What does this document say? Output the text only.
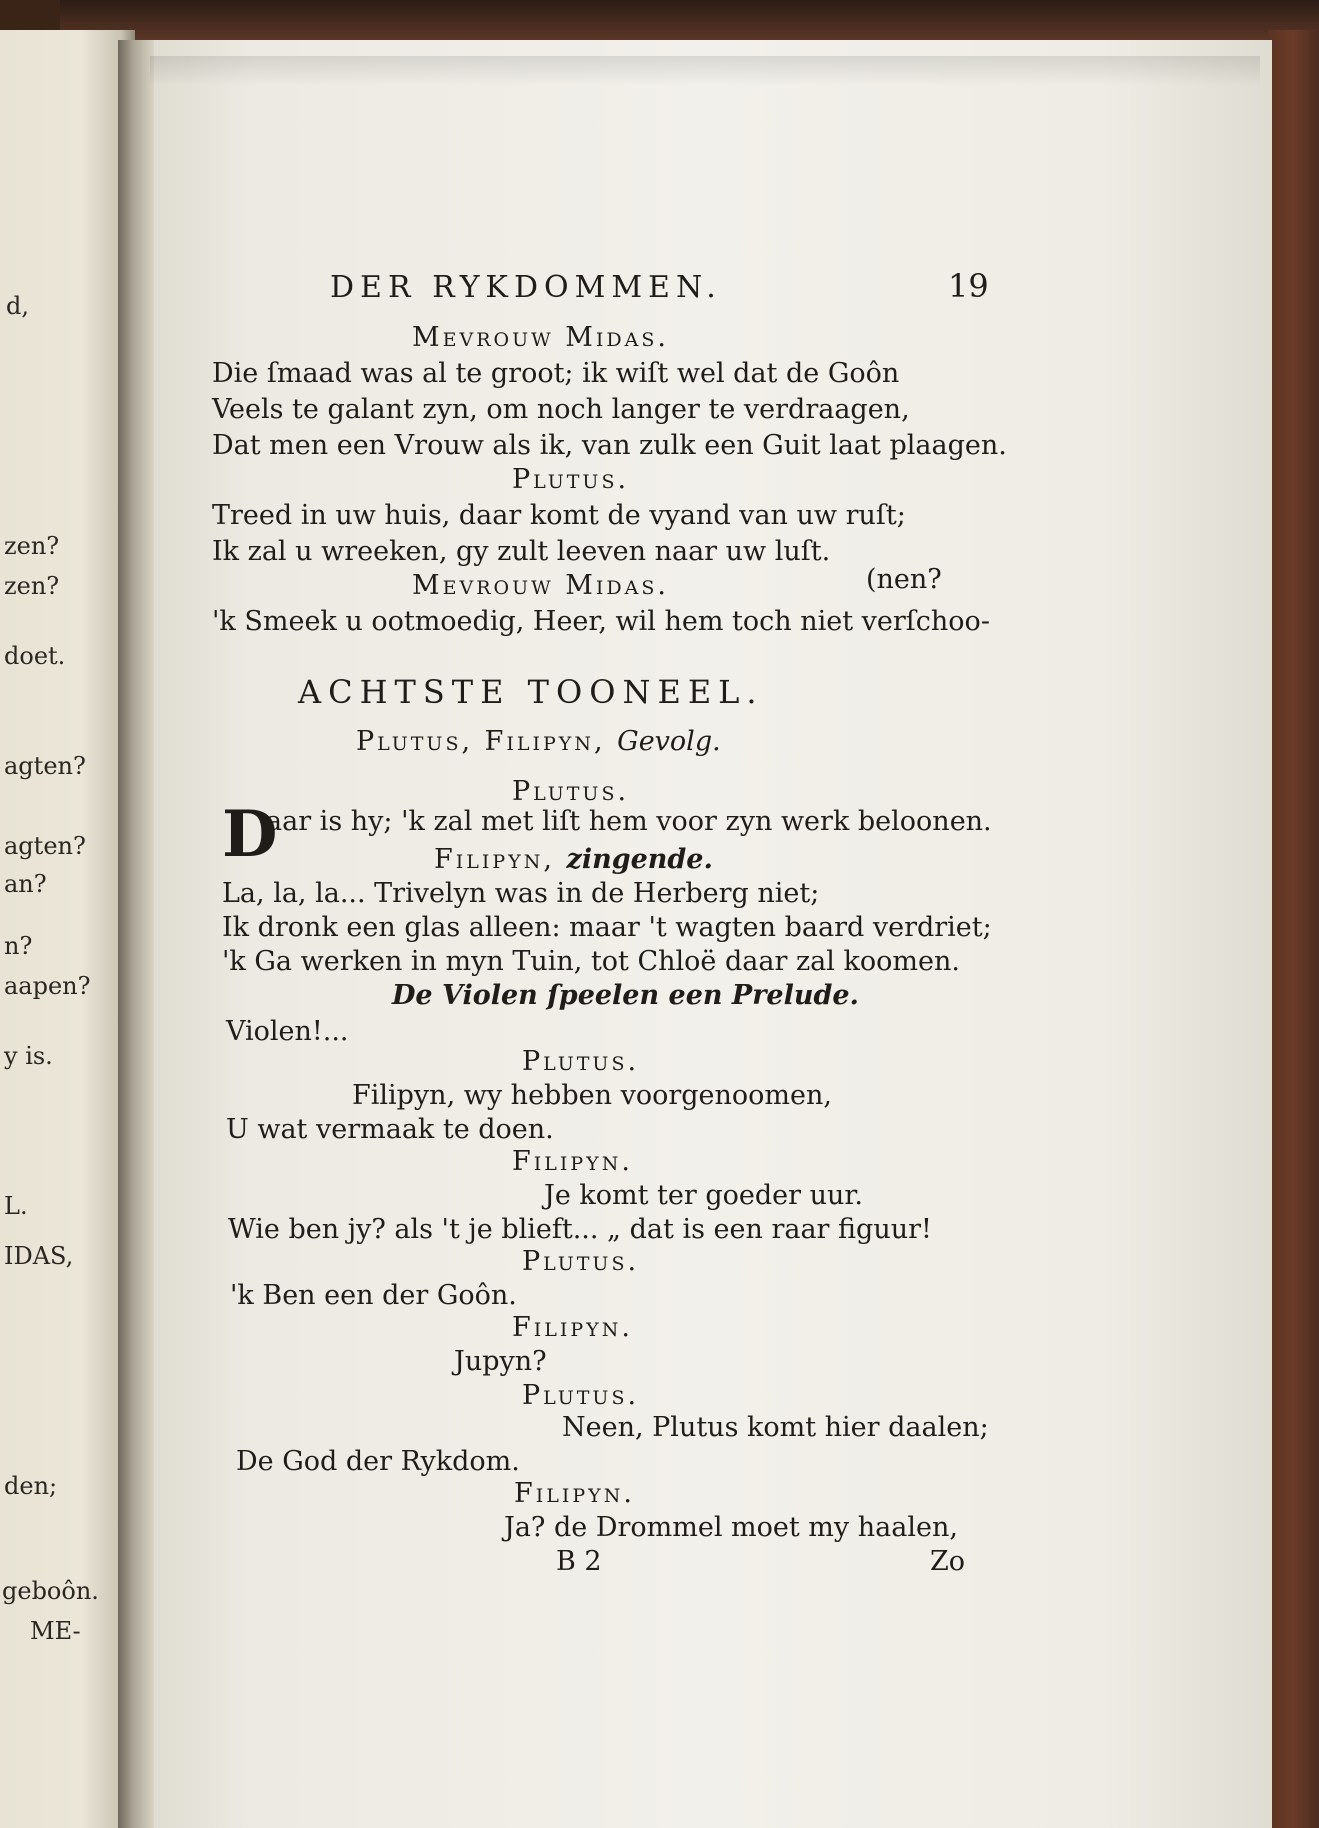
d,
zen?
zen?
doet.
agten?
agten?
an?
n?
aapen?
y is.
L.
IDAS,
den;
geboôn.
ME-
DER RYKDOMMEN.	19
Mevrouw Midas.
Die ſmaad was al te groot; ik wiſt wel dat de Goôn
Veels te galant zyn, om noch langer te verdraagen,
Dat men een Vrouw als ik, van zulk een Guit laat plaagen.
Plutus.
Treed in uw huis, daar komt de vyand van uw ruſt;
Ik zal u wreeken, gy zult leeven naar uw luſt.
Mevrouw Midas.	(nen?
'k Smeek u ootmoedig, Heer, wil hem toch niet verſchoo-
ACHTSTE TOONEEL.
Plutus, Filipyn, Gevolg.
Plutus.
D
aar is hy; 'k zal met liſt hem voor zyn werk beloonen.
Filipyn, zingende.
La, la, la... Trivelyn was in de Herberg niet;
Ik dronk een glas alleen: maar 't wagten baard verdriet;
'k Ga werken in myn Tuin, tot Chloë daar zal koomen.
De Violen ſpeelen een Prelude.
Violen!...
Plutus.
Filipyn, wy hebben voorgenoomen,
U wat vermaak te doen.
Filipyn.
Je komt ter goeder uur.
Wie ben jy? als 't je blieft... „ dat is een raar figuur!
Plutus.
'k Ben een der Goôn.
Filipyn.
Jupyn?
Plutus.
Neen, Plutus komt hier daalen;
De God der Rykdom.
Filipyn.
Ja? de Drommel moet my haalen,
B 2	Zo
